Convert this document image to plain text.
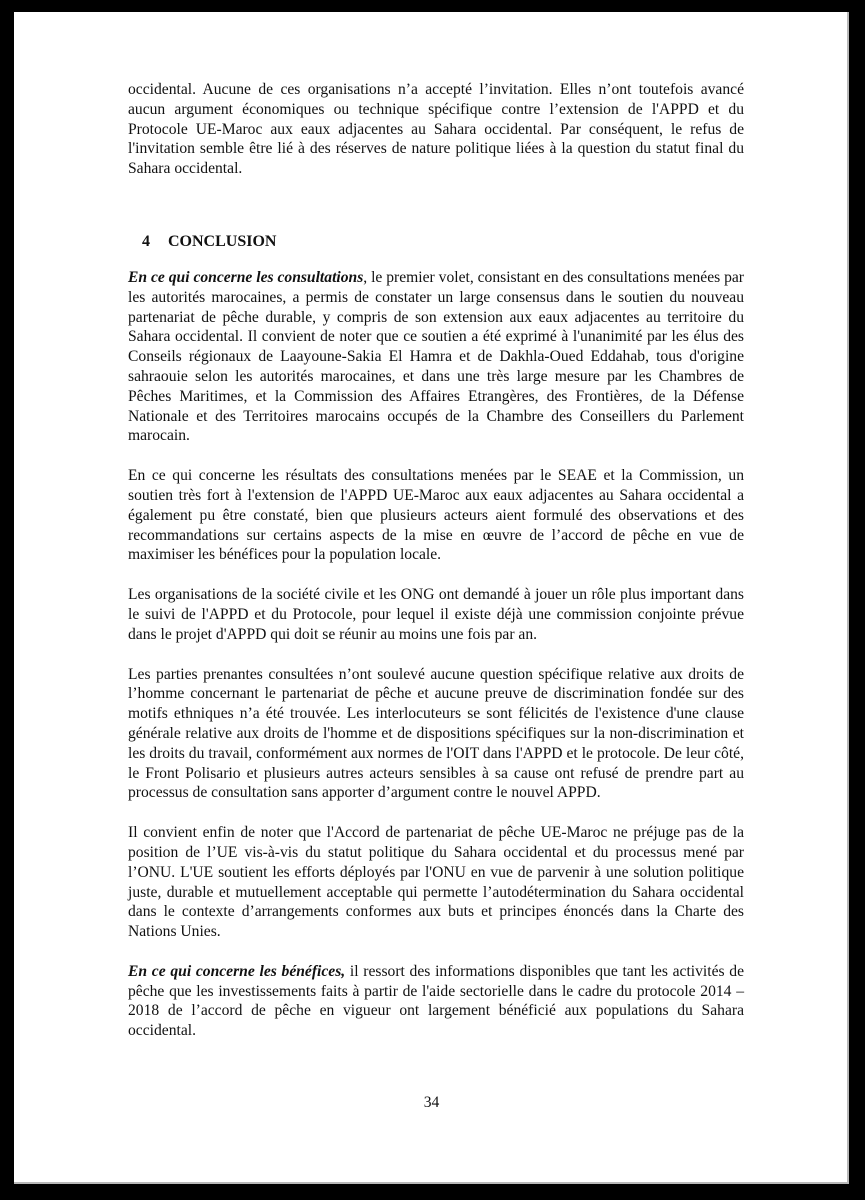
occidental. Aucune de ces organisations n’a accepté l’invitation. Elles n’ont toutefois avancé aucun argument économiques ou technique spécifique contre l’extension de l'APPD et du Protocole UE-Maroc aux eaux adjacentes au Sahara occidental. Par conséquent, le refus de l'invitation semble être lié à des réserves de nature politique liées à la question du statut final du Sahara occidental.

4 CONCLUSION

En ce qui concerne les consultations, le premier volet, consistant en des consultations menées par les autorités marocaines, a permis de constater un large consensus dans le soutien du nouveau partenariat de pêche durable, y compris de son extension aux eaux adjacentes au territoire du Sahara occidental. Il convient de noter que ce soutien a été exprimé à l'unanimité par les élus des Conseils régionaux de Laayoune-Sakia El Hamra et de Dakhla-Oued Eddahab, tous d'origine sahraouie selon les autorités marocaines, et dans une très large mesure par les Chambres de Pêches Maritimes, et la Commission des Affaires Etrangères, des Frontières, de la Défense Nationale et des Territoires marocains occupés de la Chambre des Conseillers du Parlement marocain.

En ce qui concerne les résultats des consultations menées par le SEAE et la Commission, un soutien très fort à l'extension de l'APPD UE-Maroc aux eaux adjacentes au Sahara occidental a également pu être constaté, bien que plusieurs acteurs aient formulé des observations et des recommandations sur certains aspects de la mise en œuvre de l’accord de pêche en vue de maximiser les bénéfices pour la population locale.

Les organisations de la société civile et les ONG ont demandé à jouer un rôle plus important dans le suivi de l'APPD et du Protocole, pour lequel il existe déjà une commission conjointe prévue dans le projet d'APPD qui doit se réunir au moins une fois par an.

Les parties prenantes consultées n’ont soulevé aucune question spécifique relative aux droits de l’homme concernant le partenariat de pêche et aucune preuve de discrimination fondée sur des motifs ethniques n’a été trouvée. Les interlocuteurs se sont félicités de l'existence d'une clause générale relative aux droits de l'homme et de dispositions spécifiques sur la non-discrimination et les droits du travail, conformément aux normes de l'OIT dans l'APPD et le protocole. De leur côté, le Front Polisario et plusieurs autres acteurs sensibles à sa cause ont refusé de prendre part au processus de consultation sans apporter d’argument contre le nouvel APPD.

Il convient enfin de noter que l'Accord de partenariat de pêche UE-Maroc ne préjuge pas de la position de l’UE vis-à-vis du statut politique du Sahara occidental et du processus mené par l’ONU. L'UE soutient les efforts déployés par l'ONU en vue de parvenir à une solution politique juste, durable et mutuellement acceptable qui permette l’autodétermination du Sahara occidental dans le contexte d’arrangements conformes aux buts et principes énoncés dans la Charte des Nations Unies.

En ce qui concerne les bénéfices, il ressort des informations disponibles que tant les activités de pêche que les investissements faits à partir de l'aide sectorielle dans le cadre du protocole 2014 – 2018 de l’accord de pêche en vigueur ont largement bénéficié aux populations du Sahara occidental.

34
